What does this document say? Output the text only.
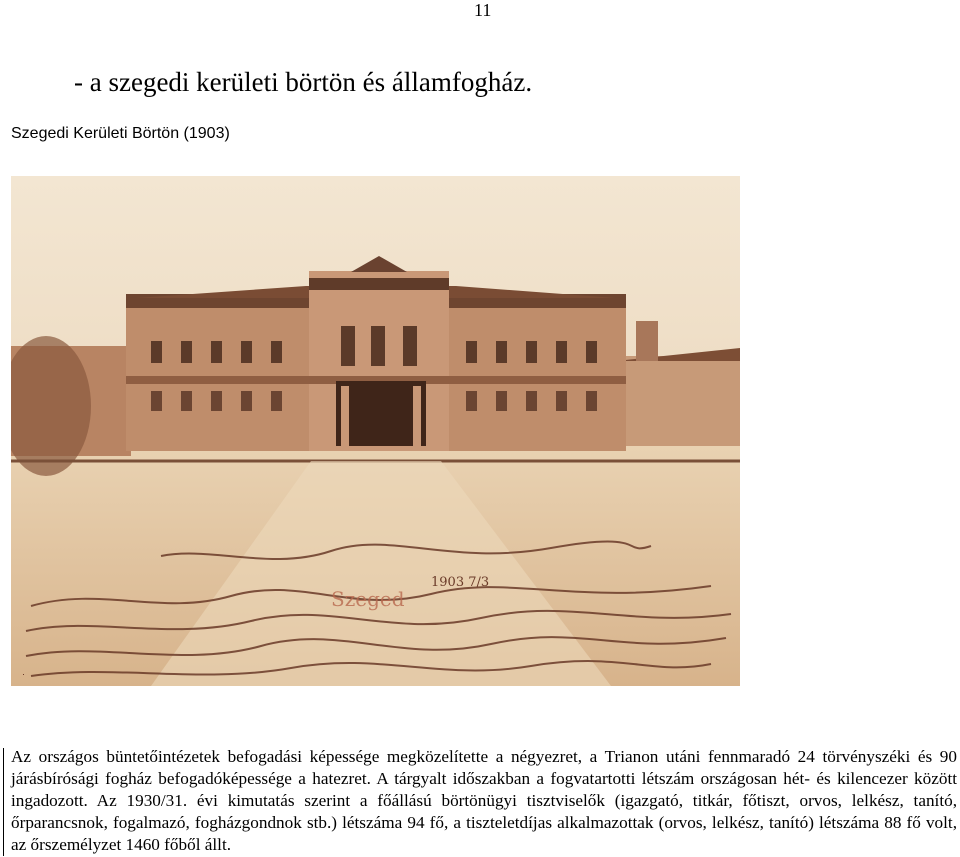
11
- a szegedi kerületi börtön és államfogház.
Szegedi Kerületi Börtön (1903)
Szeged
1903 7/3
Az országos büntetőintézetek befogadási képessége megközelítette a négyezret, a Trianon utáni fennmaradó 24 törvényszéki és 90 járásbírósági fogház befogadóképessége a hatezret. A tárgyalt időszakban a fogvatartotti létszám országosan hét- és kilencezer között ingadozott. Az 1930/31. évi kimutatás szerint a főállású börtönügyi tisztviselők (igazgató, titkár, főtiszt, orvos, lelkész, tanító, őrparancsnok, fogalmazó, fogházgondnok stb.) létszáma 94 fő, a tiszteletdíjas alkalmazottak (orvos, lelkész, tanító) létszáma 88 fő volt, az őrszemélyzet 1460 főből állt.
